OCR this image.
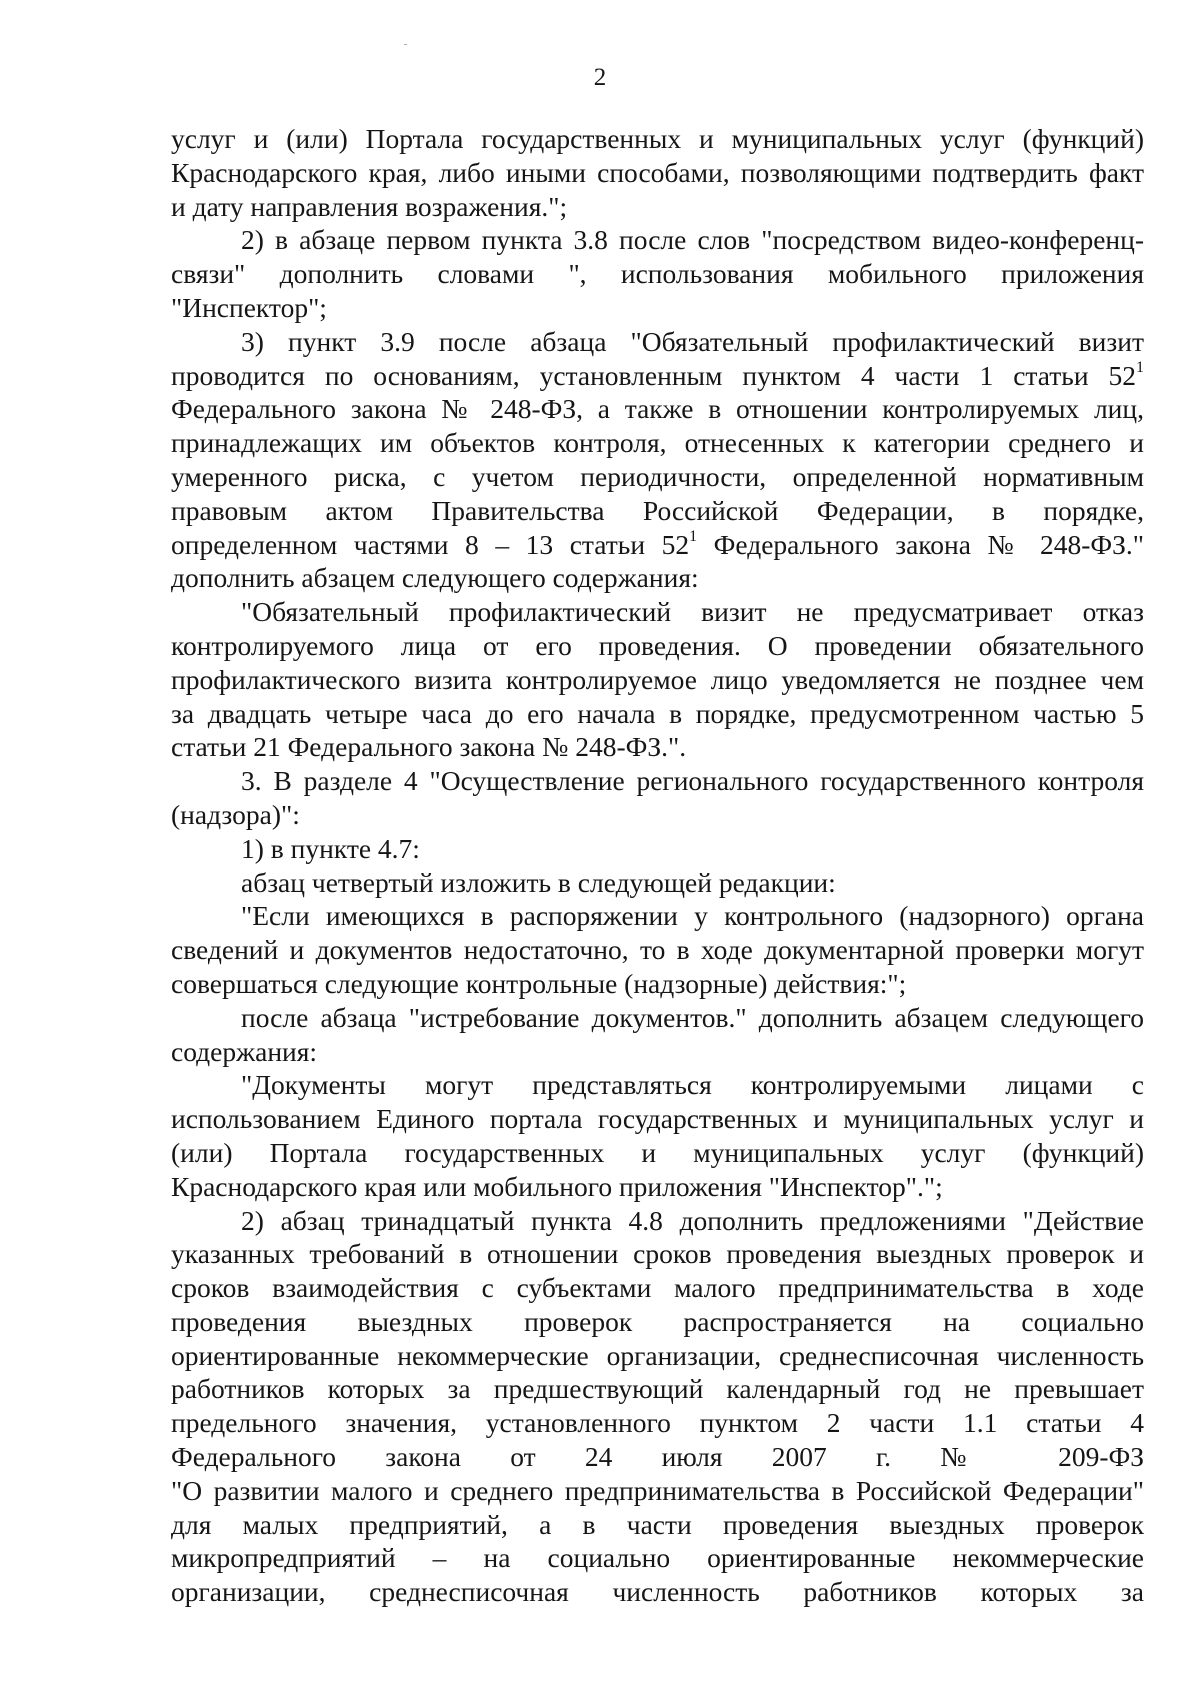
2
услуг и (или) Портала государственных и муниципальных услуг (функций)
Краснодарского края, либо иными способами, позволяющими подтвердить факт
и дату направления возражения.";
2) в абзаце первом пункта 3.8 после слов "посредством видео-конференц-
связи" дополнить словами ", использования мобильного приложения
"Инспектор";
3) пункт 3.9 после абзаца "Обязательный профилактический визит
проводится по основаниям, установленным пунктом 4 части 1 статьи $52^1$
Федерального закона № 248-ФЗ, а также в отношении контролируемых лиц,
принадлежащих им объектов контроля, отнесенных к категории среднего и
умеренного риска, с учетом периодичности, определенной нормативным
правовым актом Правительства Российской Федерации, в порядке,
определенном частями 8 – 13 статьи $52^1$ Федерального закона № 248-ФЗ."
дополнить абзацем следующего содержания:
"Обязательный профилактический визит не предусматривает отказ
контролируемого лица от его проведения. О проведении обязательного
профилактического визита контролируемое лицо уведомляется не позднее чем
за двадцать четыре часа до его начала в порядке, предусмотренном частью 5
статьи 21 Федерального закона № 248-ФЗ.".
3. В разделе 4 "Осуществление регионального государственного контроля
(надзора)":
1) в пункте 4.7:
абзац четвертый изложить в следующей редакции:
"Если имеющихся в распоряжении у контрольного (надзорного) органа
сведений и документов недостаточно, то в ходе документарной проверки могут
совершаться следующие контрольные (надзорные) действия:";
после абзаца "истребование документов." дополнить абзацем следующего
содержания:
"Документы могут представляться контролируемыми лицами с
использованием Единого портала государственных и муниципальных услуг и
(или) Портала государственных и муниципальных услуг (функций)
Краснодарского края или мобильного приложения "Инспектор".";
2) абзац тринадцатый пункта 4.8 дополнить предложениями "Действие
указанных требований в отношении сроков проведения выездных проверок и
сроков взаимодействия с субъектами малого предпринимательства в ходе
проведения выездных проверок распространяется на социально
ориентированные некоммерческие организации, среднесписочная численность
работников которых за предшествующий календарный год не превышает
предельного значения, установленного пунктом 2 части 1.1 статьи 4
Федерального закона от 24 июля 2007 г. № 209-ФЗ
"О развитии малого и среднего предпринимательства в Российской Федерации"
для малых предприятий, а в части проведения выездных проверок
микропредприятий – на социально ориентированные некоммерческие
организации, среднесписочная численность работников которых за
